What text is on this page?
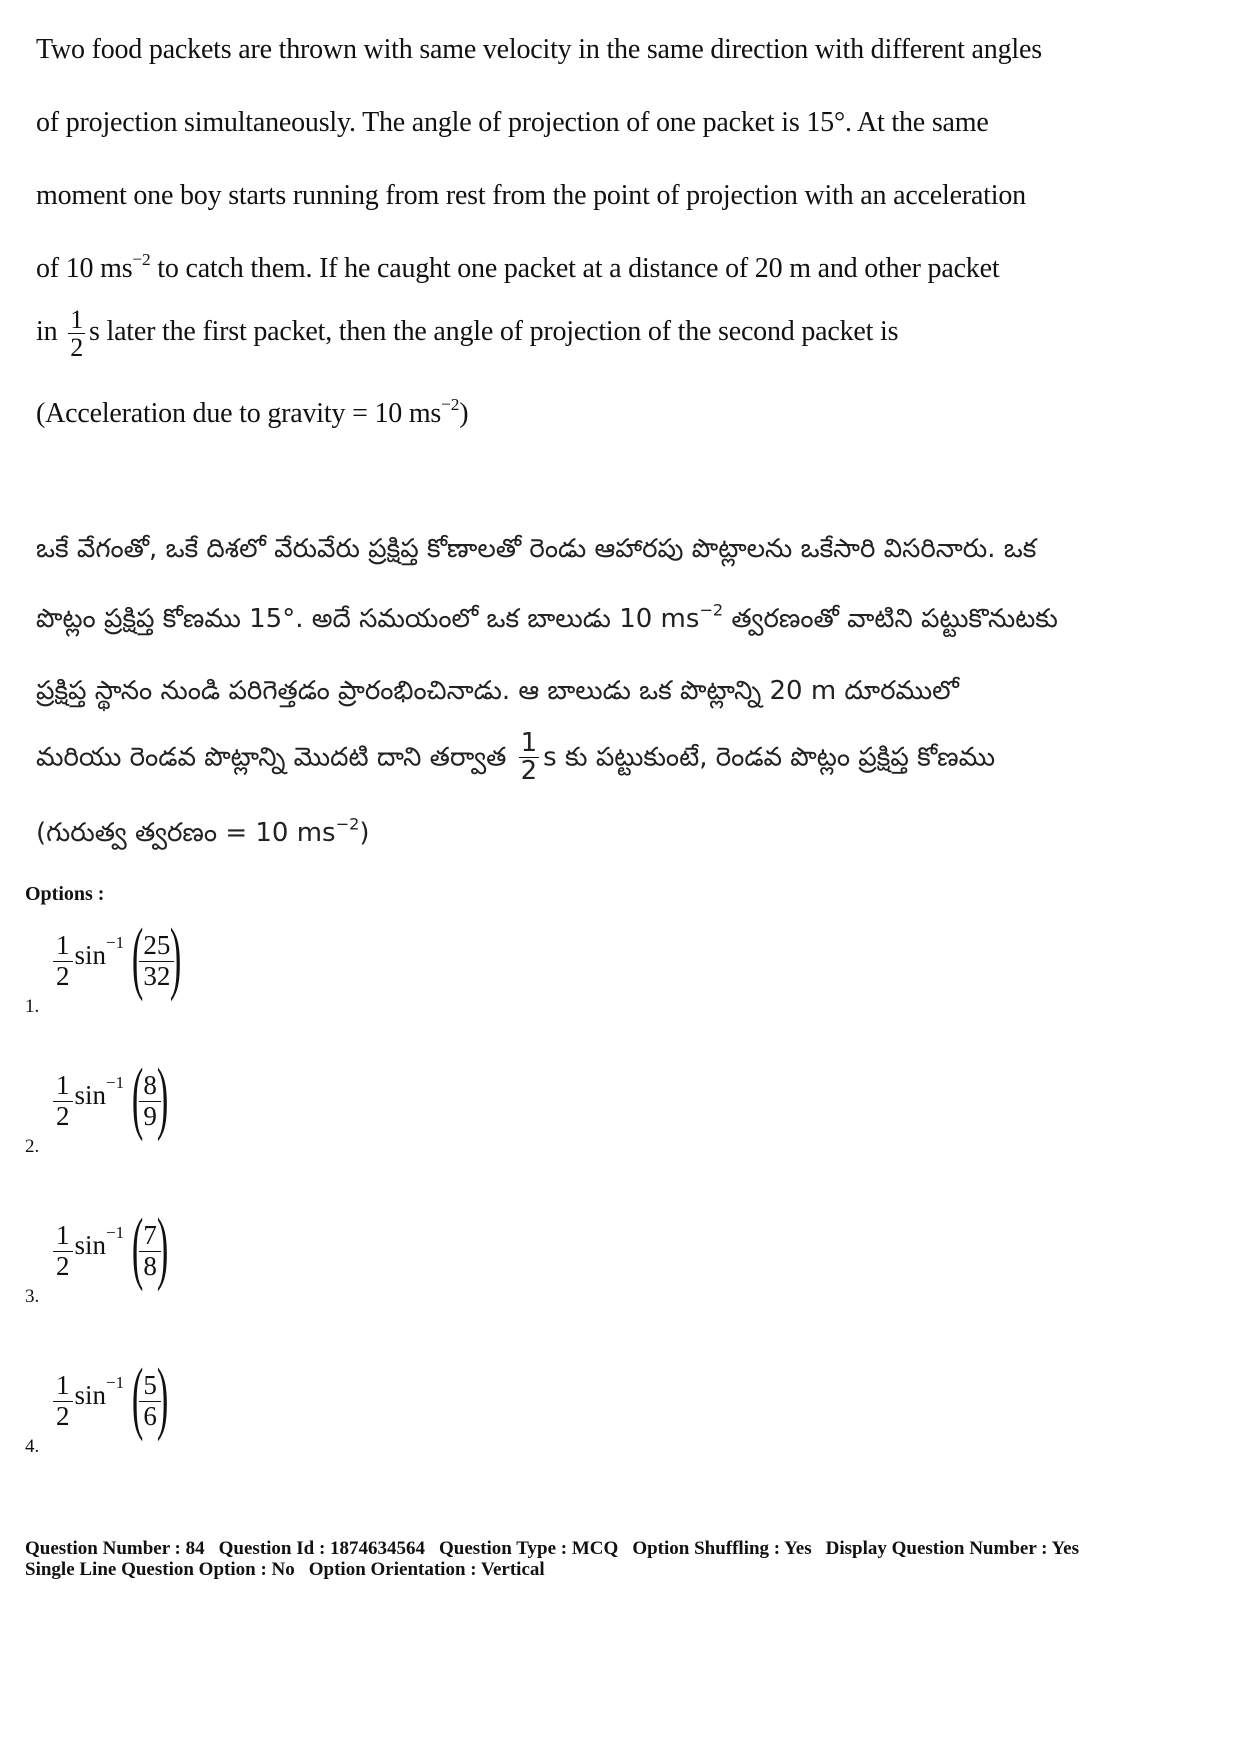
Two food packets are thrown with same velocity in the same direction with different angles
of projection simultaneously. The angle of projection of one packet is 15°. At the same
moment one boy starts running from rest from the point of projection with an acceleration
of 10 $ms^{-2}$ to catch them. If he caught one packet at a distance of 20 m and other packet
in $\frac{1}{2}$ s later the first packet, then the angle of projection of the second packet is
(Acceleration due to gravity = 10 $ms^{-2}$)
ఒకే వేగంతో, ఒకే దిశలో వేరువేరు ప్రక్షిప్త కోణాలతో రెండు ఆహారపు పొట్లాలను ఒకేసారి విసరినారు. ఒక
పొట్లం ప్రక్షిప్త కోణము 15°. అదే సమయంలో ఒక బాలుడు 10 $ms^{-2}$ త్వరణంతో వాటిని పట్టుకొనుటకు
ప్రక్షిప్త స్థానం నుండి పరిగెత్తడం ప్రారంభించినాడు. ఆ బాలుడు ఒక పొట్లాన్ని 20 m దూరములో
మరియు రెండవ పొట్లాన్ని మొదటి దాని తర్వాత $\frac{1}{2}$ s కు పట్టుకుంటే, రెండవ పొట్లం ప్రక్షిప్త కోణము
(గురుత్వ త్వరణం = 10 $ms^{-2}$)
Options :
$\frac{1}{2} \sin^{-1}$ (
$\frac{25}{32}$
)
1.
$\frac{1}{2} \sin^{-1}$ (
$\frac{8}{9}$
)
2.
$\frac{1}{2} \sin^{-1}$ (
$\frac{7}{8}$
)
3.
$\frac{1}{2} \sin^{-1}$ (
$\frac{5}{6}$
)
4.
Question Number : 84 Question Id : 1874634564 Question Type : MCQ Option Shuffling : Yes Display Question Number : Yes
Single Line Question Option : No Option Orientation : Vertical
